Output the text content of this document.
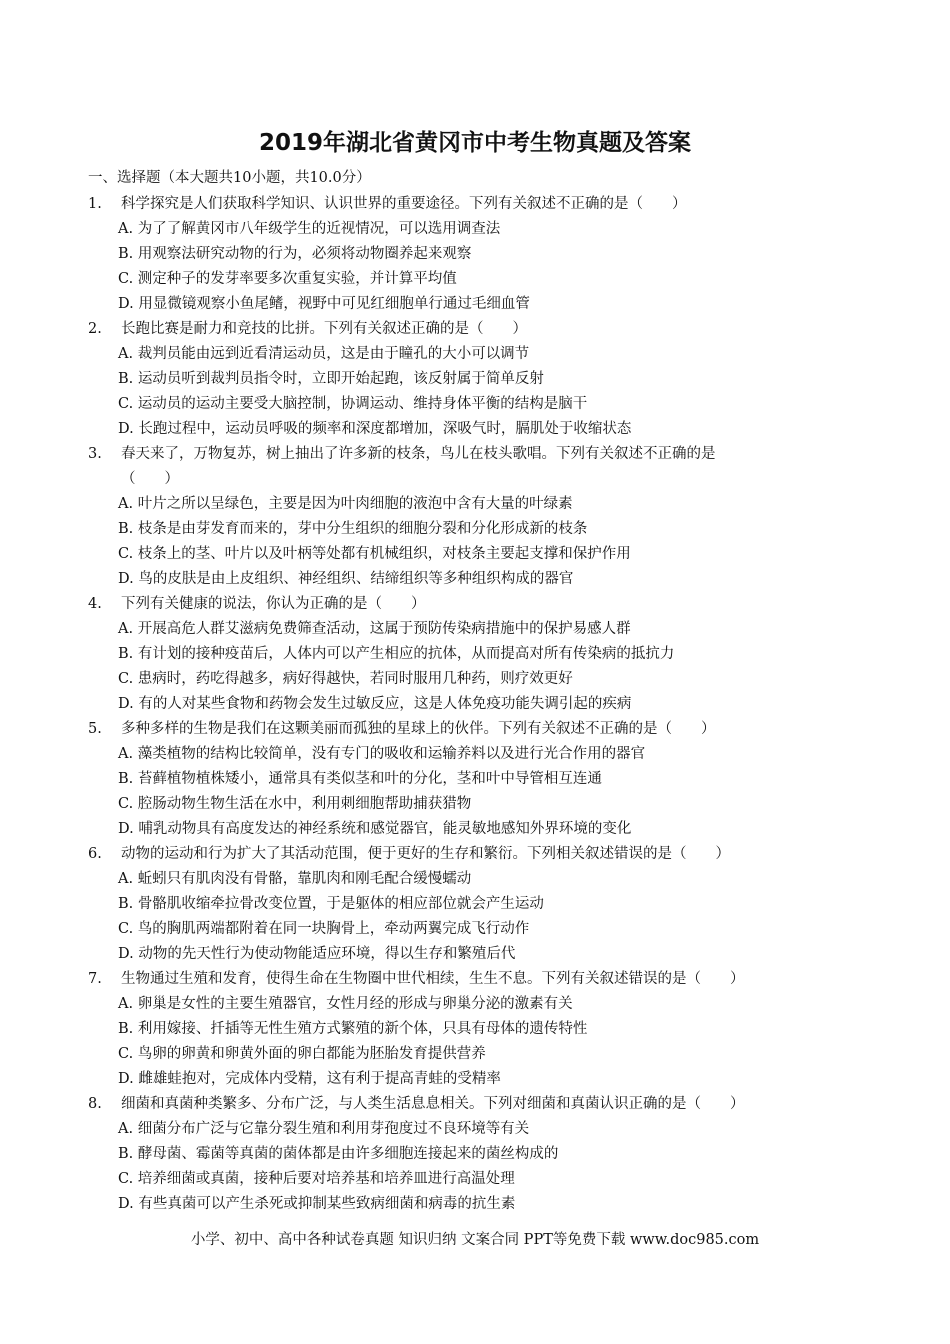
2019年湖北省黄冈市中考生物真题及答案
一、选择题（本大题共10小题，共10.0分）
1.	科学探究是人们获取科学知识、认识世界的重要途径。下列有关叙述不正确的是（　　）
A. 为了了解黄冈市八年级学生的近视情况，可以选用调查法
B. 用观察法研究动物的行为，必须将动物圈养起来观察
C. 测定种子的发芽率要多次重复实验，并计算平均值
D. 用显微镜观察小鱼尾鳍，视野中可见红细胞单行通过毛细血管
2.	长跑比赛是耐力和竞技的比拼。下列有关叙述正确的是（　　）
A. 裁判员能由远到近看清运动员，这是由于瞳孔的大小可以调节
B. 运动员听到裁判员指令时，立即开始起跑，该反射属于简单反射
C. 运动员的运动主要受大脑控制，协调运动、维持身体平衡的结构是脑干
D. 长跑过程中，运动员呼吸的频率和深度都增加，深吸气时，膈肌处于收缩状态
3.	春天来了，万物复苏，树上抽出了许多新的枝条，鸟儿在枝头歌唱。下列有关叙述不正确的是
（　　）
A. 叶片之所以呈绿色，主要是因为叶肉细胞的液泡中含有大量的叶绿素
B. 枝条是由芽发育而来的，芽中分生组织的细胞分裂和分化形成新的枝条
C. 枝条上的茎、叶片以及叶柄等处都有机械组织，对枝条主要起支撑和保护作用
D. 鸟的皮肤是由上皮组织、神经组织、结缔组织等多种组织构成的器官
4.	下列有关健康的说法，你认为正确的是（　　）
A. 开展高危人群艾滋病免费筛查活动，这属于预防传染病措施中的保护易感人群
B. 有计划的接种疫苗后，人体内可以产生相应的抗体，从而提高对所有传染病的抵抗力
C. 患病时，药吃得越多，病好得越快，若同时服用几种药，则疗效更好
D. 有的人对某些食物和药物会发生过敏反应，这是人体免疫功能失调引起的疾病
5.	多种多样的生物是我们在这颗美丽而孤独的星球上的伙伴。下列有关叙述不正确的是（　　）
A. 藻类植物的结构比较简单，没有专门的吸收和运输养料以及进行光合作用的器官
B. 苔藓植物植株矮小，通常具有类似茎和叶的分化，茎和叶中导管相互连通
C. 腔肠动物生物生活在水中，利用刺细胞帮助捕获猎物
D. 哺乳动物具有高度发达的神经系统和感觉器官，能灵敏地感知外界环境的变化
6.	动物的运动和行为扩大了其活动范围，便于更好的生存和繁衍。下列相关叙述错误的是（　　）
A. 蚯蚓只有肌肉没有骨骼，靠肌肉和刚毛配合缓慢蠕动
B. 骨骼肌收缩牵拉骨改变位置，于是躯体的相应部位就会产生运动
C. 鸟的胸肌两端都附着在同一块胸骨上，牵动两翼完成飞行动作
D. 动物的先天性行为使动物能适应环境，得以生存和繁殖后代
7.	生物通过生殖和发育，使得生命在生物圈中世代相续，生生不息。下列有关叙述错误的是（　　）
A. 卵巢是女性的主要生殖器官，女性月经的形成与卵巢分泌的激素有关
B. 利用嫁接、扦插等无性生殖方式繁殖的新个体，只具有母体的遗传特性
C. 鸟卵的卵黄和卵黄外面的卵白都能为胚胎发育提供营养
D. 雌雄蛙抱对，完成体内受精，这有利于提高青蛙的受精率
8.	细菌和真菌种类繁多、分布广泛，与人类生活息息相关。下列对细菌和真菌认识正确的是（　　）
A. 细菌分布广泛与它靠分裂生殖和利用芽孢度过不良环境等有关
B. 酵母菌、霉菌等真菌的菌体都是由许多细胞连接起来的菌丝构成的
C. 培养细菌或真菌，接种后要对培养基和培养皿进行高温处理
D. 有些真菌可以产生杀死或抑制某些致病细菌和病毒的抗生素
小学、初中、高中各种试卷真题 知识归纳 文案合同 PPT等免费下载 www.doc985.com
